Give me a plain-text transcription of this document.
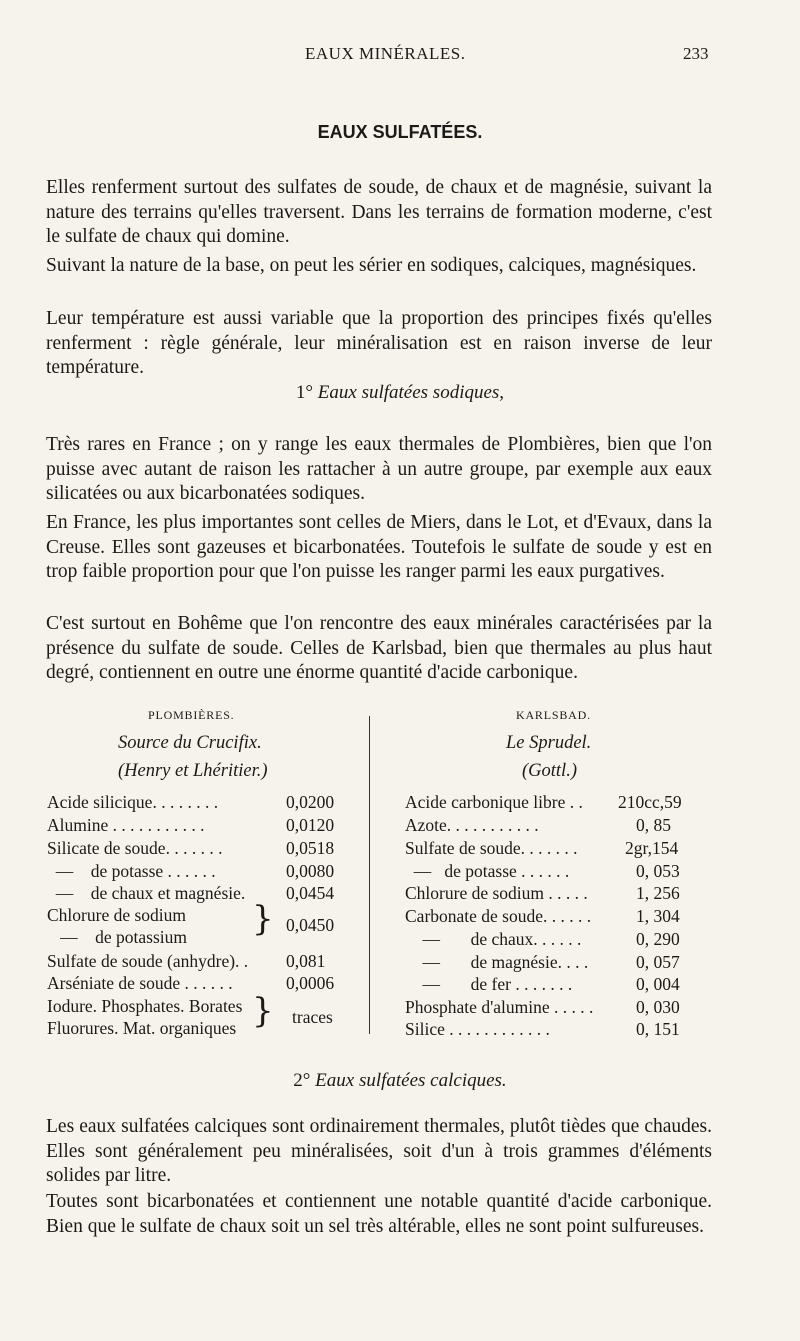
EAUX MINÉRALES.	233
EAUX SULFATÉES.

Elles renferment surtout des sulfates de soude, de chaux et de magnésie, suivant la nature des terrains qu'elles traversent. Dans les terrains de formation moderne, c'est le sulfate de chaux qui domine.

Suivant la nature de la base, on peut les sérier en sodiques, calciques, magnésiques.

Leur température est aussi variable que la proportion des principes fixés qu'elles renferment : règle générale, leur minéralisation est en raison inverse de leur température.

1° Eaux sulfatées sodiques,

Très rares en France ; on y range les eaux thermales de Plombières, bien que l'on puisse avec autant de raison les rattacher à un autre groupe, par exemple aux eaux silicatées ou aux bicarbonatées sodiques.

En France, les plus importantes sont celles de Miers, dans le Lot, et d'Evaux, dans la Creuse. Elles sont gazeuses et bicarbonatées. Toutefois le sulfate de soude y est en trop faible proportion pour que l'on puisse les ranger parmi les eaux purgatives.

C'est surtout en Bohême que l'on rencontre des eaux minérales caractérisées par la présence du sulfate de soude. Celles de Karlsbad, bien que thermales au plus haut degré, contiennent en outre une énorme quantité d'acide carbonique.

PLOMBIÈRES.
Source du Crucifix.
(Henry et Lhéritier.)
KARLSBAD.
Le Sprudel.
(Gottl.)
Acide silicique. . . . . . . .	0,0200
Alumine . . . . . . . . . . .	0,0120
Silicate de soude. . . . . . .	0,0518
—    de potasse . . . . . .	0,0080
—    de chaux et magnésie. 0,0454
Chlorure de sodium
—    de potassium } 0,0450
Sulfate de soude (anhydre). . 0,081
Arséniate de soude . . . . . .	0,0006
Iodure. Phosphates. Borates
Fluorures. Mat. organiques } traces
Acide carbonique libre . . 210cc,59
Azote. . . . . . . . . . .	0, 85
Sulfate de soude. . . . . . .	2gr,154
—   de potasse . . . . . .	0, 053
Chlorure de sodium . . . . .	1, 256
Carbonate de soude. . . . . .	1, 304
—       de chaux. . . . . .	0, 290
—       de magnésie. . . .	0, 057
—       de fer . . . . . . .	0, 004
Phosphate d'alumine . . . . . 0, 030
Silice . . . . . . . . . . . .	0, 151
2° Eaux sulfatées calciques.

Les eaux sulfatées calciques sont ordinairement thermales, plutôt tièdes que chaudes. Elles sont généralement peu minéralisées, soit d'un à trois grammes d'éléments solides par litre.

Toutes sont bicarbonatées et contiennent une notable quantité d'acide carbonique. Bien que le sulfate de chaux soit un sel très altérable, elles ne sont point sulfureuses.
